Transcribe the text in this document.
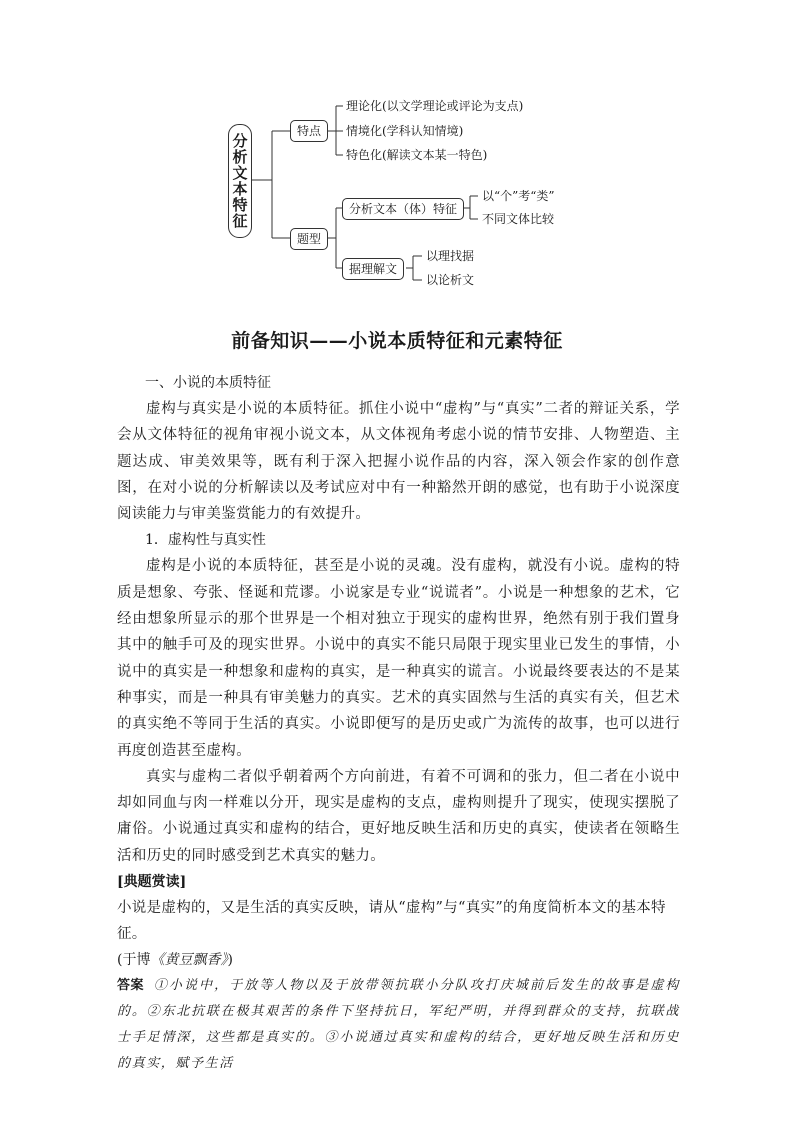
分析文本特征
特点
理论化(以文学理论或评论为支点)
情境化(学科认知情境)
特色化(解读文本某一特色)
题型
分析文本（体）特征
以“个”考“类”
不同文体比较
据理解文
以理找据
以论析文
前备知识——小说本质特征和元素特征

一、小说的本质特征

虚构与真实是小说的本质特征。抓住小说中“虚构”与“真实”二者的辩证关系，学会从文体特征的视角审视小说文本，从文体视角考虑小说的情节安排、人物塑造、主题达成、审美效果等，既有利于深入把握小说作品的内容，深入领会作家的创作意图，在对小说的分析解读以及考试应对中有一种豁然开朗的感觉，也有助于小说深度阅读能力与审美鉴赏能力的有效提升。

1．虚构性与真实性

虚构是小说的本质特征，甚至是小说的灵魂。没有虚构，就没有小说。虚构的特质是想象、夸张、怪诞和荒谬。小说家是专业“说谎者”。小说是一种想象的艺术，它经由想象所显示的那个世界是一个相对独立于现实的虚构世界，绝然有别于我们置身其中的触手可及的现实世界。小说中的真实不能只局限于现实里业已发生的事情，小说中的真实是一种想象和虚构的真实，是一种真实的谎言。小说最终要表达的不是某种事实，而是一种具有审美魅力的真实。艺术的真实固然与生活的真实有关，但艺术的真实绝不等同于生活的真实。小说即便写的是历史或广为流传的故事，也可以进行再度创造甚至虚构。

真实与虚构二者似乎朝着两个方向前进，有着不可调和的张力，但二者在小说中却如同血与肉一样难以分开，现实是虚构的支点，虚构则提升了现实，使现实摆脱了庸俗。小说通过真实和虚构的结合，更好地反映生活和历史的真实，使读者在领略生活和历史的同时感受到艺术真实的魅力。

[典题赏读]

小说是虚构的，又是生活的真实反映，请从“虚构”与“真实”的角度简析本文的基本特征。

(于博《黄豆飘香》)

答案 ①小说中，于放等人物以及于放带领抗联小分队攻打庆城前后发生的故事是虚构的。②东北抗联在极其艰苦的条件下坚持抗日，军纪严明，并得到群众的支持，抗联战士手足情深，这些都是真实的。③小说通过真实和虚构的结合，更好地反映生活和历史的真实，赋予生活
